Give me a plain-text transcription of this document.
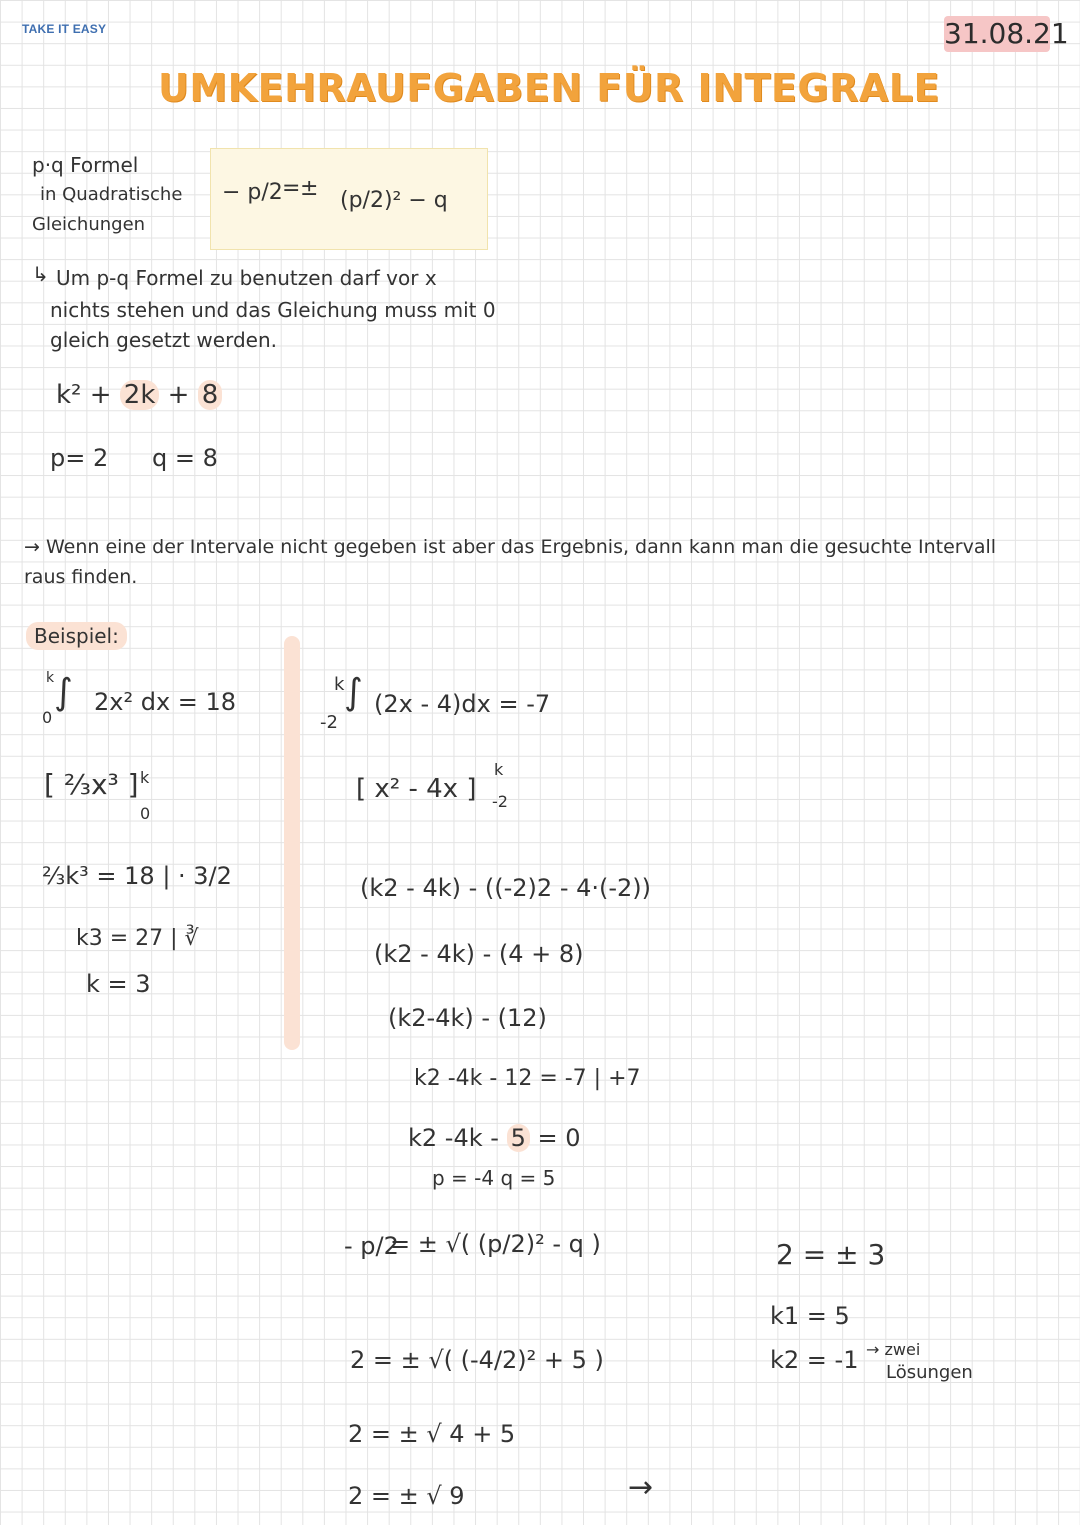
TAKE IT EASY	31.08.21
UMKEHRAUFGABEN FÜR INTEGRALE
p·q Formel
in Quadratische
Gleichungen
− p/2 = ± (p/2)² − q
↳ Um p-q Formel zu benutzen darf vor x
nichts stehen und das Gleichung muss mit 0
gleich gesetzt werden.
k² + 2k + 8
p= 2 q = 8
→ Wenn eine der Intervale nicht gegeben ist aber das Ergebnis, dann kann man die gesuchte Intervall
raus finden.
Beispiel:
k
0
∫ 2x² dx = 18
[ ⅔x³ ] k
0
⅔k³ = 18 | · 3/2
k3 = 27 | ∛
k = 3
k
-2
∫ (2x - 4)dx = -7
[ x² - 4x ]
k
-2
(k2 - 4k) - ((-2)2 - 4·(-2))
(k2 - 4k) - (4 + 8)
(k2-4k) - (12)
k2 -4k - 12 = -7 | +7
k2 -4k - 5 = 0
p = -4 q = 5
- p/2
= ± √( (p/2)² - q )
2 = ± √( (-4/2)² + 5 )
2 = ± √ 4 + 5
2 = ± √ 9	→
2 = ± 3
k1 = 5
k2 = -1 → zwei
Lösungen
